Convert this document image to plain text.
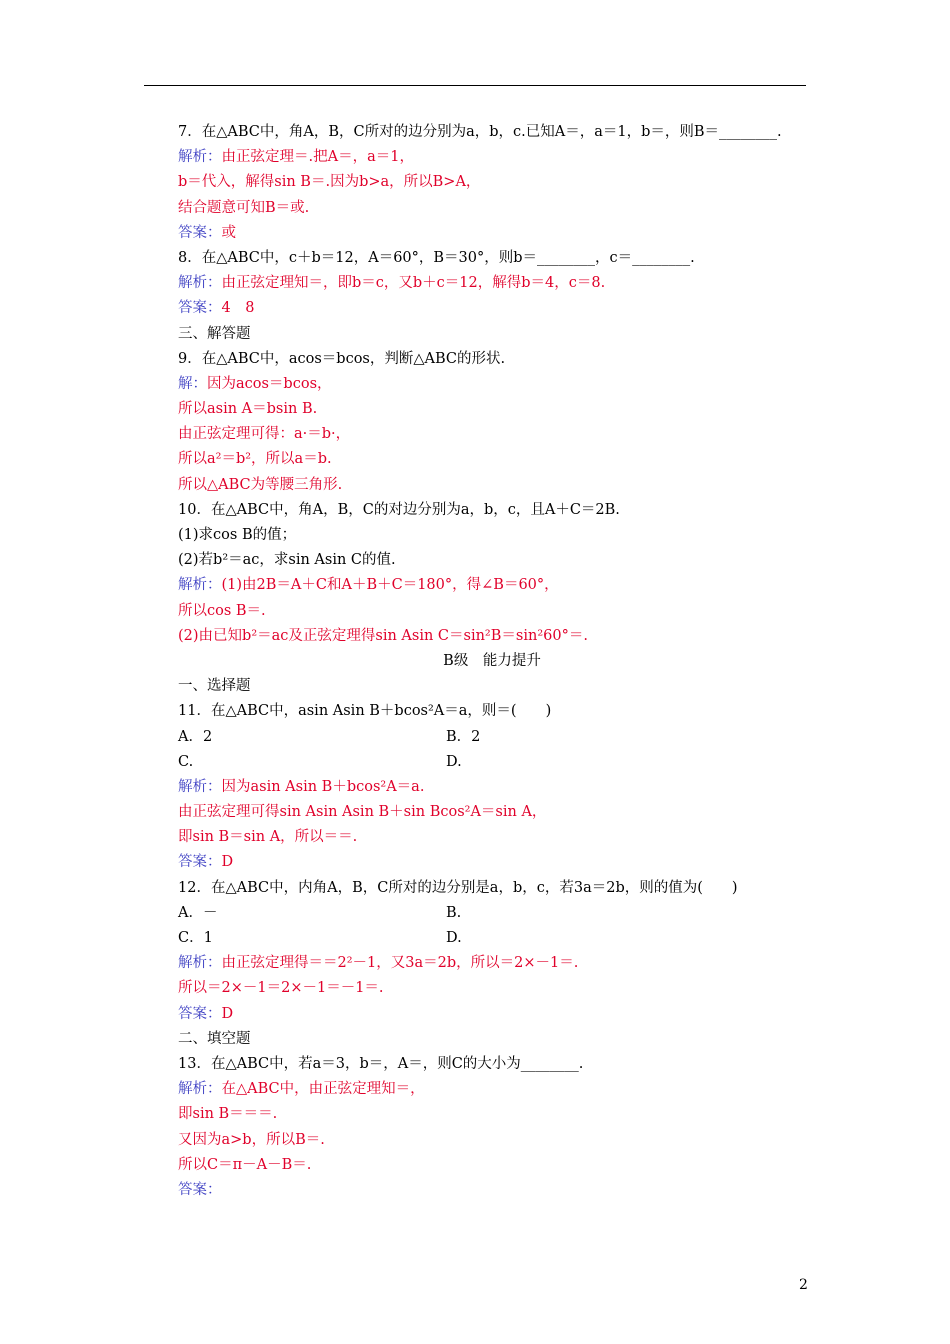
7．在△ABC中，角A，B，C所对的边分别为a，b，c.已知A＝，a＝1，b＝，则B＝________.
解析：由正弦定理＝.把A＝，a＝1，
b＝代入，解得sin B＝.因为b>a，所以B>A，
结合题意可知B＝或.
答案：或
8．在△ABC中，c＋b＝12，A＝60°，B＝30°，则b＝________，c＝________.
解析：由正弦定理知＝，即b＝c，又b＋c＝12，解得b＝4，c＝8.
答案：4　8
三、解答题
9．在△ABC中，acos＝bcos，判断△ABC的形状.
解：因为acos＝bcos，
所以asin A＝bsin B.
由正弦定理可得：a·＝b·，
所以a²＝b²，所以a＝b.
所以△ABC为等腰三角形.
10．在△ABC中，角A，B，C的对边分别为a，b，c，且A＋C＝2B.
(1)求cos B的值；
(2)若b²＝ac，求sin Asin C的值.
解析：(1)由2B＝A＋C和A＋B＋C＝180°，得∠B＝60°，
所以cos B＝.
(2)由已知b²＝ac及正弦定理得sin Asin C＝sin²B＝sin²60°＝.
B级　能力提升
一、选择题
11．在△ABC中，asin Asin B＋bcos²A＝a，则＝(　　)
A．2	B．2
C.	D.
解析：因为asin Asin B＋bcos²A＝a.
由正弦定理可得sin Asin Asin B＋sin Bcos²A＝sin A，
即sin B＝sin A，所以＝＝.
答案：D
12．在△ABC中，内角A，B，C所对的边分别是a，b，c，若3a＝2b，则的值为(　　)
A．－	B.
C．1	D.
解析：由正弦定理得＝＝2²－1，又3a＝2b，所以＝2×－1＝.
所以＝2×－1＝2×－1＝－1＝.
答案：D
二、填空题
13．在△ABC中，若a＝3，b＝，A＝，则C的大小为________.
解析：在△ABC中，由正弦定理知＝，
即sin B＝＝＝.
又因为a>b，所以B＝.
所以C＝π－A－B＝.
答案：
2
